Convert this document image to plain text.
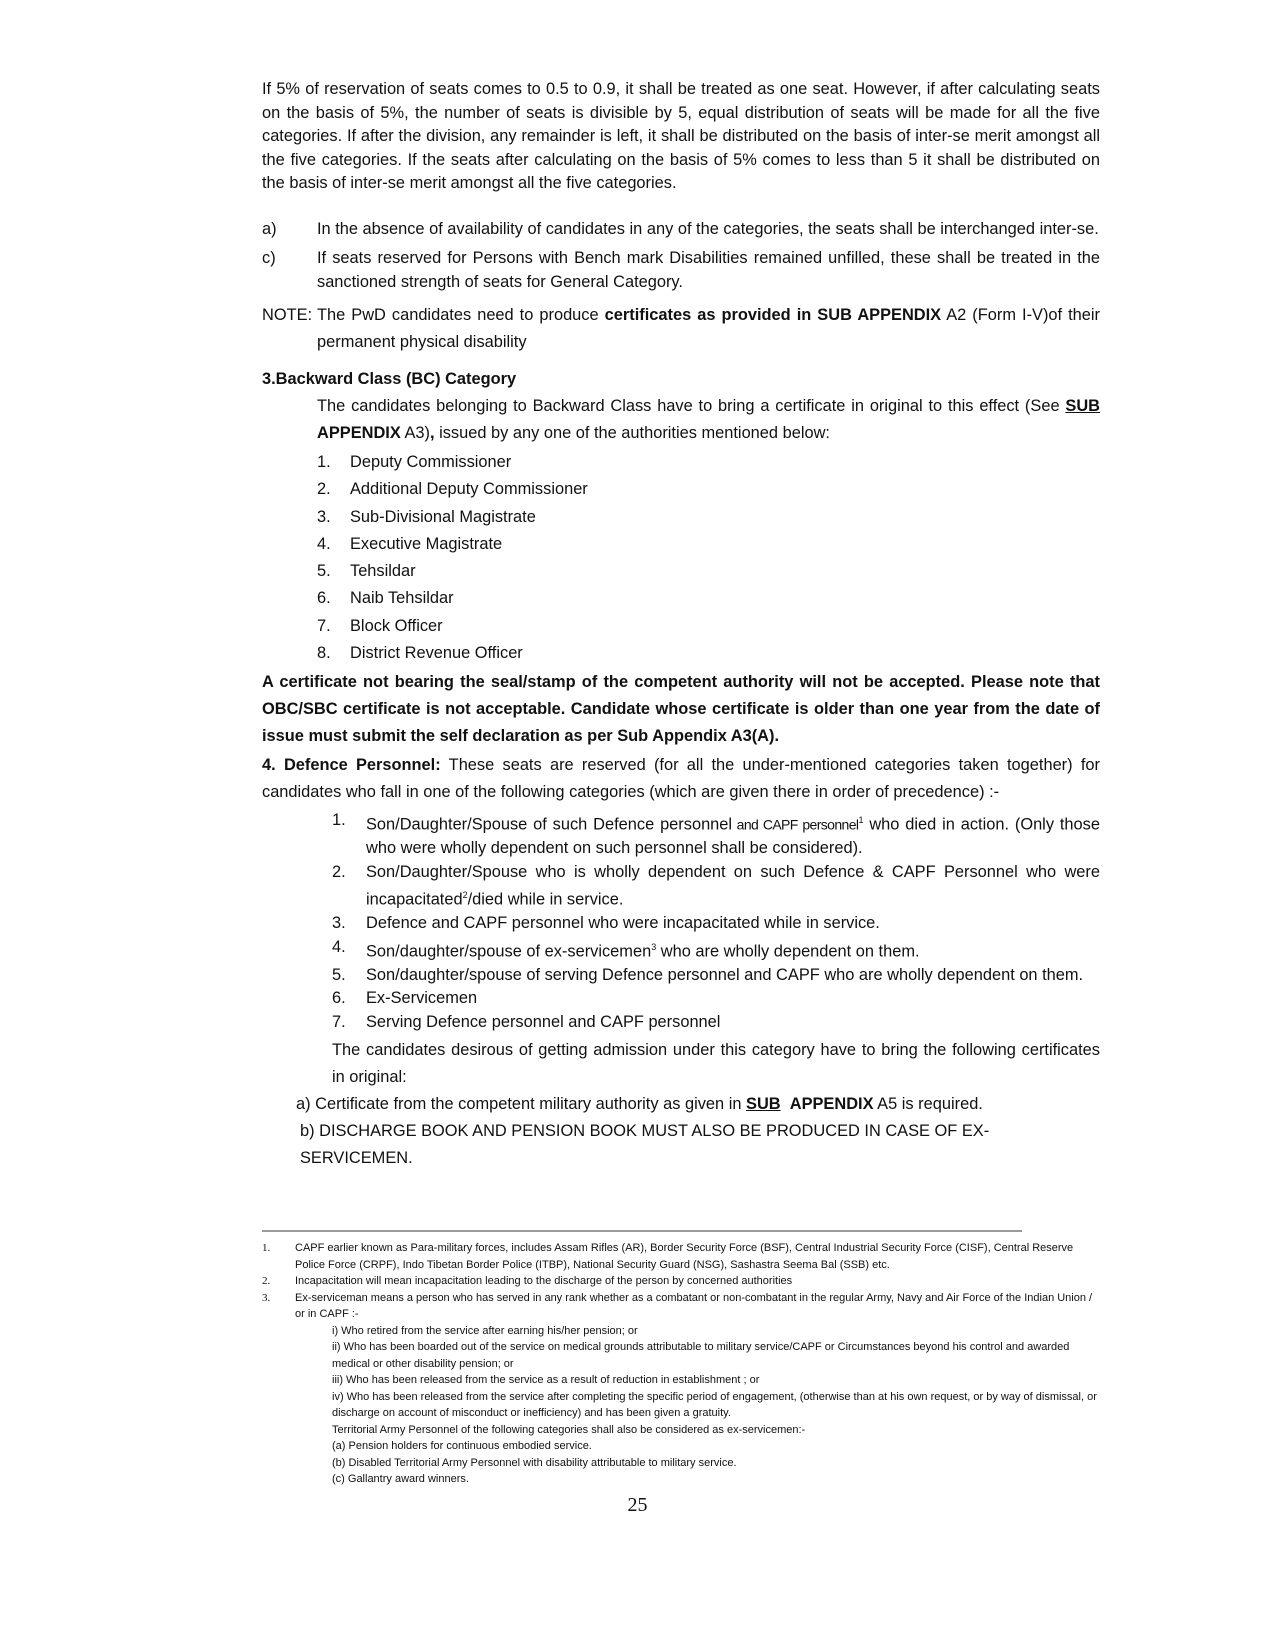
If 5% of reservation of seats comes to 0.5 to 0.9, it shall be treated as one seat. However, if after calculating seats on the basis of 5%, the number of seats is divisible by 5, equal distribution of seats will be made for all the five categories. If after the division, any remainder is left, it shall be distributed on the basis of inter-se merit amongst all the five categories. If the seats after calculating on the basis of 5% comes to less than 5 it shall be distributed on the basis of inter-se merit amongst all the five categories.

a)	In the absence of availability of candidates in any of the categories, the seats shall be interchanged inter-se.
c)	If seats reserved for Persons with Bench mark Disabilities remained unfilled, these shall be treated in the sanctioned strength of seats for General Category.
NOTE: The PwD candidates need to produce certificates as provided in SUB APPENDIX A2 (Form I-V)of their permanent physical disability

3.Backward Class (BC) Category

The candidates belonging to Backward Class have to bring a certificate in original to this effect (See SUB APPENDIX A3), issued by any one of the authorities mentioned below:

1.	Deputy Commissioner
2.	Additional Deputy Commissioner
3.	Sub-Divisional Magistrate
4.	Executive Magistrate
5.	Tehsildar
6.	Naib Tehsildar
7.	Block Officer
8.	District Revenue Officer

A certificate not bearing the seal/stamp of the competent authority will not be accepted. Please note that OBC/SBC certificate is not acceptable. Candidate whose certificate is older than one year from the date of issue must submit the self declaration as per Sub Appendix A3(A).

4. Defence Personnel: These seats are reserved (for all the under-mentioned categories taken together) for candidates who fall in one of the following categories (which are given there in order of precedence) :-

1.	Son/Daughter/Spouse of such Defence personnel and CAPF personnel$^1$ who died in action. (Only those who were wholly dependent on such personnel shall be considered).
2.	Son/Daughter/Spouse who is wholly dependent on such Defence & CAPF Personnel who were incapacitated$^2$/died while in service.
3.	Defence and CAPF personnel who were incapacitated while in service.
4.	Son/daughter/spouse of ex-servicemen$^3$ who are wholly dependent on them.
5.	Son/daughter/spouse of serving Defence personnel and CAPF who are wholly dependent on them.
6.	Ex-Servicemen
7.	Serving Defence personnel and CAPF personnel

The candidates desirous of getting admission under this category have to bring the following certificates in original:

a) Certificate from the competent military authority as given in SUB APPENDIX A5 is required.

b) DISCHARGE BOOK AND PENSION BOOK MUST ALSO BE PRODUCED IN CASE OF EX-SERVICEMEN.

1.	CAPF earlier known as Para-military forces, includes Assam Rifles (AR), Border Security Force (BSF), Central Industrial Security Force (CISF), Central Reserve Police Force (CRPF), Indo Tibetan Border Police (ITBP), National Security Guard (NSG), Sashastra Seema Bal (SSB) etc.
2.	Incapacitation will mean incapacitation leading to the discharge of the person by concerned authorities
3.	Ex-serviceman means a person who has served in any rank whether as a combatant or non-combatant in the regular Army, Navy and Air Force of the Indian Union / or in CAPF :-
i) Who retired from the service after earning his/her pension; or
ii) Who has been boarded out of the service on medical grounds attributable to military service/CAPF or Circumstances beyond his control and awarded medical or other disability pension; or
iii) Who has been released from the service as a result of reduction in establishment ; or
iv) Who has been released from the service after completing the specific period of engagement, (otherwise than at his own request, or by way of dismissal, or discharge on account of misconduct or inefficiency) and has been given a gratuity.
Territorial Army Personnel of the following categories shall also be considered as ex-servicemen:-
(a) Pension holders for continuous embodied service.
(b) Disabled Territorial Army Personnel with disability attributable to military service.
(c) Gallantry award winners.
25
